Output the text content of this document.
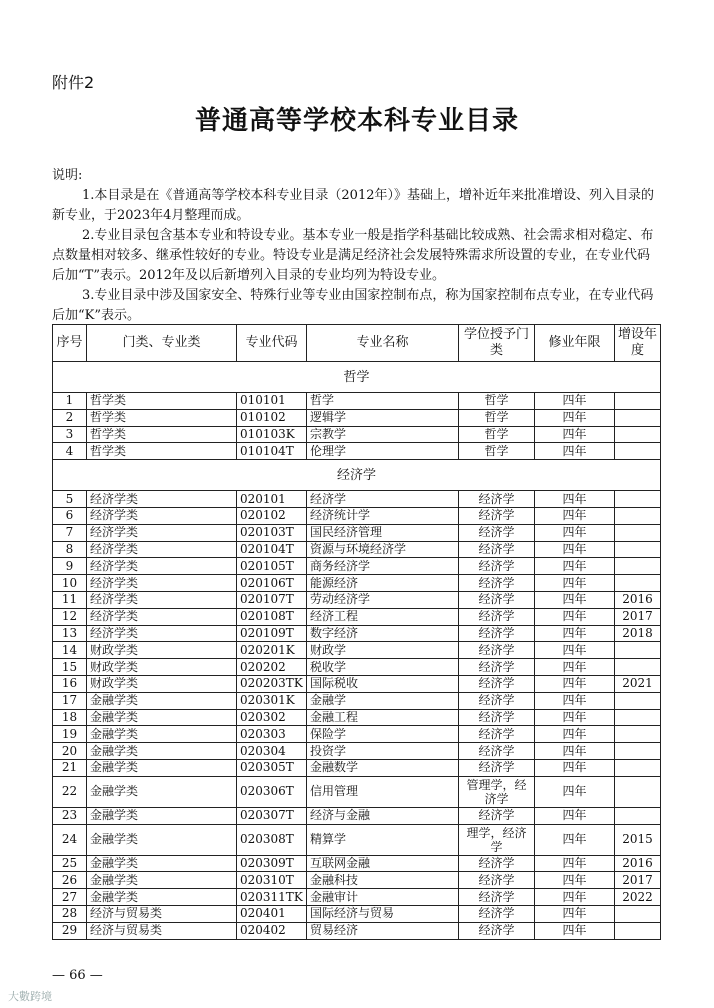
附件2
普通高等学校本科专业目录

说明:

1.本目录是在《普通高等学校本科专业目录（2012年）》基础上，增补近年来批准增设、列入目录的新专业，于2023年4月整理而成。

2.专业目录包含基本专业和特设专业。基本专业一般是指学科基础比较成熟、社会需求相对稳定、布点数量相对较多、继承性较好的专业。特设专业是满足经济社会发展特殊需求所设置的专业，在专业代码后加“T”表示。2012年及以后新增列入目录的专业均列为特设专业。

3.专业目录中涉及国家安全、特殊行业等专业由国家控制布点，称为国家控制布点专业，在专业代码后加“K”表示。

序号	门类、专业类	专业代码	专业名称	学位授予门类	修业年限	增设年度
哲学						
1	哲学类	010101	哲学	哲学	四年	
2	哲学类	010102	逻辑学	哲学	四年	
3	哲学类	010103K	宗教学	哲学	四年	
4	哲学类	010104T	伦理学	哲学	四年	
经济学						
5	经济学类	020101	经济学	经济学	四年	
6	经济学类	020102	经济统计学	经济学	四年	
7	经济学类	020103T	国民经济管理	经济学	四年	
8	经济学类	020104T	资源与环境经济学	经济学	四年	
9	经济学类	020105T	商务经济学	经济学	四年	
10	经济学类	020106T	能源经济	经济学	四年	
11	经济学类	020107T	劳动经济学	经济学	四年	2016
12	经济学类	020108T	经济工程	经济学	四年	2017
13	经济学类	020109T	数字经济	经济学	四年	2018
14	财政学类	020201K	财政学	经济学	四年	
15	财政学类	020202	税收学	经济学	四年	
16	财政学类	020203TK	国际税收	经济学	四年	2021
17	金融学类	020301K	金融学	经济学	四年	
18	金融学类	020302	金融工程	经济学	四年	
19	金融学类	020303	保险学	经济学	四年	
20	金融学类	020304	投资学	经济学	四年	
21	金融学类	020305T	金融数学	经济学	四年	
22	金融学类	020306T	信用管理	管理学，经济学	四年	
23	金融学类	020307T	经济与金融	经济学	四年	
24	金融学类	020308T	精算学	理学，经济学	四年	2015
25	金融学类	020309T	互联网金融	经济学	四年	2016
26	金融学类	020310T	金融科技	经济学	四年	2017
27	金融学类	020311TK	金融审计	经济学	四年	2022
28	经济与贸易类	020401	国际经济与贸易	经济学	四年	
29	经济与贸易类	020402	贸易经济	经济学	四年	
— 66 —
大數跨境
